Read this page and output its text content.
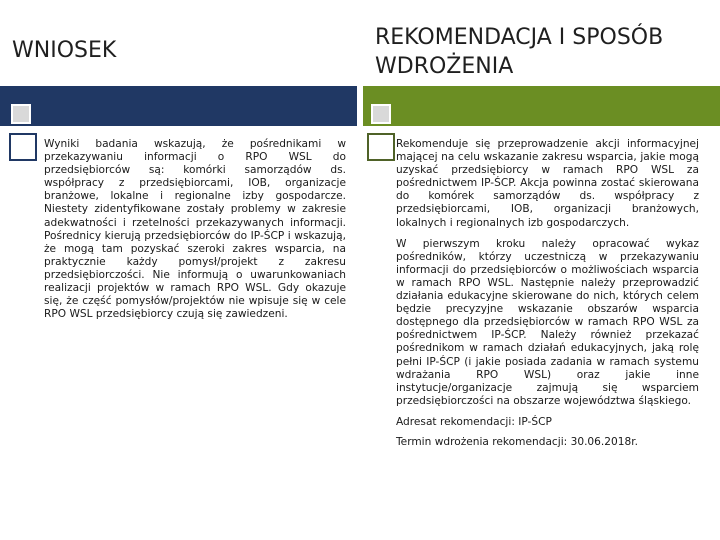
WNIOSEK

Wyniki badania wskazują, że pośrednikami w przekazywaniu informacji o RPO WSL do przedsiębiorców są: komórki samorządów ds. współpracy z przedsiębiorcami, IOB, organizacje branżowe, lokalne i regionalne izby gospodarcze. Niestety zidentyfikowane zostały problemy w zakresie adekwatności i rzetelności przekazywanych informacji. Pośrednicy kierują przedsiębiorców do IP-ŚCP i wskazują, że mogą tam pozyskać szeroki zakres wsparcia, na praktycznie każdy pomysł/projekt z zakresu przedsiębiorczości. Nie informują o uwarunkowaniach realizacji projektów w ramach RPO WSL. Gdy okazuje się, że część pomysłów/projektów nie wpisuje się w cele RPO WSL przedsiębiorcy czują się zawiedzeni.

REKOMENDACJA I SPOSÓB WDROŻENIA

Rekomenduje się przeprowadzenie akcji informacyjnej mającej na celu wskazanie zakresu wsparcia, jakie mogą uzyskać przedsiębiorcy w ramach RPO WSL za pośrednictwem IP-ŚCP. Akcja powinna zostać skierowana do komórek samorządów ds. współpracy z przedsiębiorcami, IOB, organizacji branżowych, lokalnych i regionalnych izb gospodarczych.

W pierwszym kroku należy opracować wykaz pośredników, którzy uczestniczą w przekazywaniu informacji do przedsiębiorców o możliwościach wsparcia w ramach RPO WSL. Następnie należy przeprowadzić działania edukacyjne skierowane do nich, których celem będzie precyzyjne wskazanie obszarów wsparcia dostępnego dla przedsiębiorców w ramach RPO WSL za pośrednictwem IP-ŚCP. Należy również przekazać pośrednikom w ramach działań edukacyjnych, jaką rolę pełni IP-ŚCP (i jakie posiada zadania w ramach systemu wdrażania RPO WSL) oraz jakie inne instytucje/organizacje zajmują się wsparciem przedsiębiorczości na obszarze województwa śląskiego.

Adresat rekomendacji: IP-ŚCP

Termin wdrożenia rekomendacji: 30.06.2018r.
